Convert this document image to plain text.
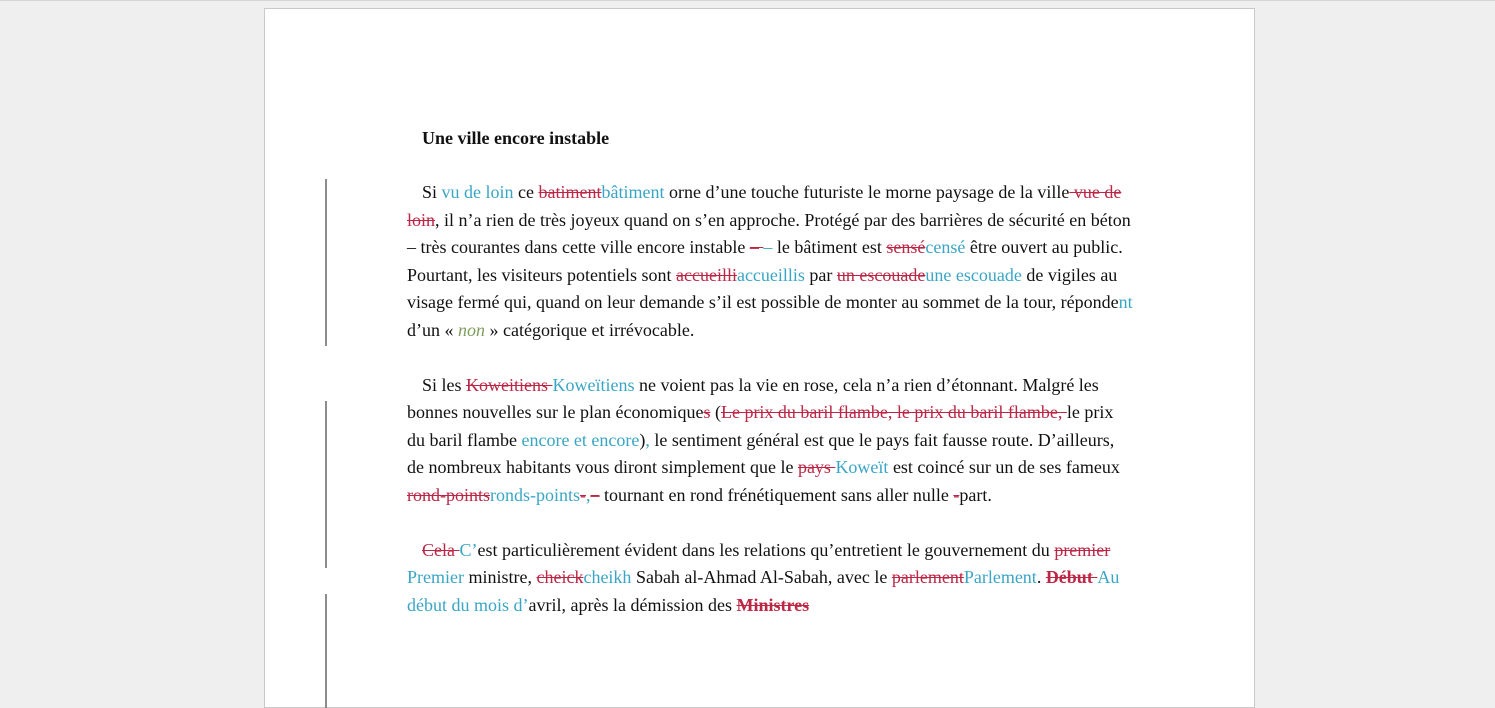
Une ville encore instable

Si vu de loin ce batimentbâtiment orne d’une touche futuriste le morne paysage de la ville vue de loin, il n’a rien de très joyeux quand on s’en approche. Protégé par des barrières de sécurité en béton – très courantes dans cette ville encore instable – – le bâtiment est sensécensé être ouvert au public. Pourtant, les visiteurs potentiels sont accueilliaccueillis par un escouadeune escouade de vigiles au visage fermé qui, quand on leur demande s’il est possible de monter au sommet de la tour, répondent d’un « non » catégorique et irrévocable.

Si les Koweitiens Koweïtiens ne voient pas la vie en rose, cela n’a rien d’étonnant. Malgré les bonnes nouvelles sur le plan économiques (Le prix du baril flambe, le prix du baril flambe, le prix du baril flambe encore et encore), le sentiment général est que le pays fait fausse route. D’ailleurs, de nombreux habitants vous diront simplement que le pays Koweït est coincé sur un de ses fameux rond-pointsronds-points-,– tournant en rond frénétiquement sans aller nulle -part.

Cela C’est particulièrement évident dans les relations qu’entretient le gouvernement du premier Premier ministre, cheickcheikh Sabah al-Ahmad Al-Sabah, avec le parlementParlement. Début Au début du mois d’avril, après la démission des Ministres
